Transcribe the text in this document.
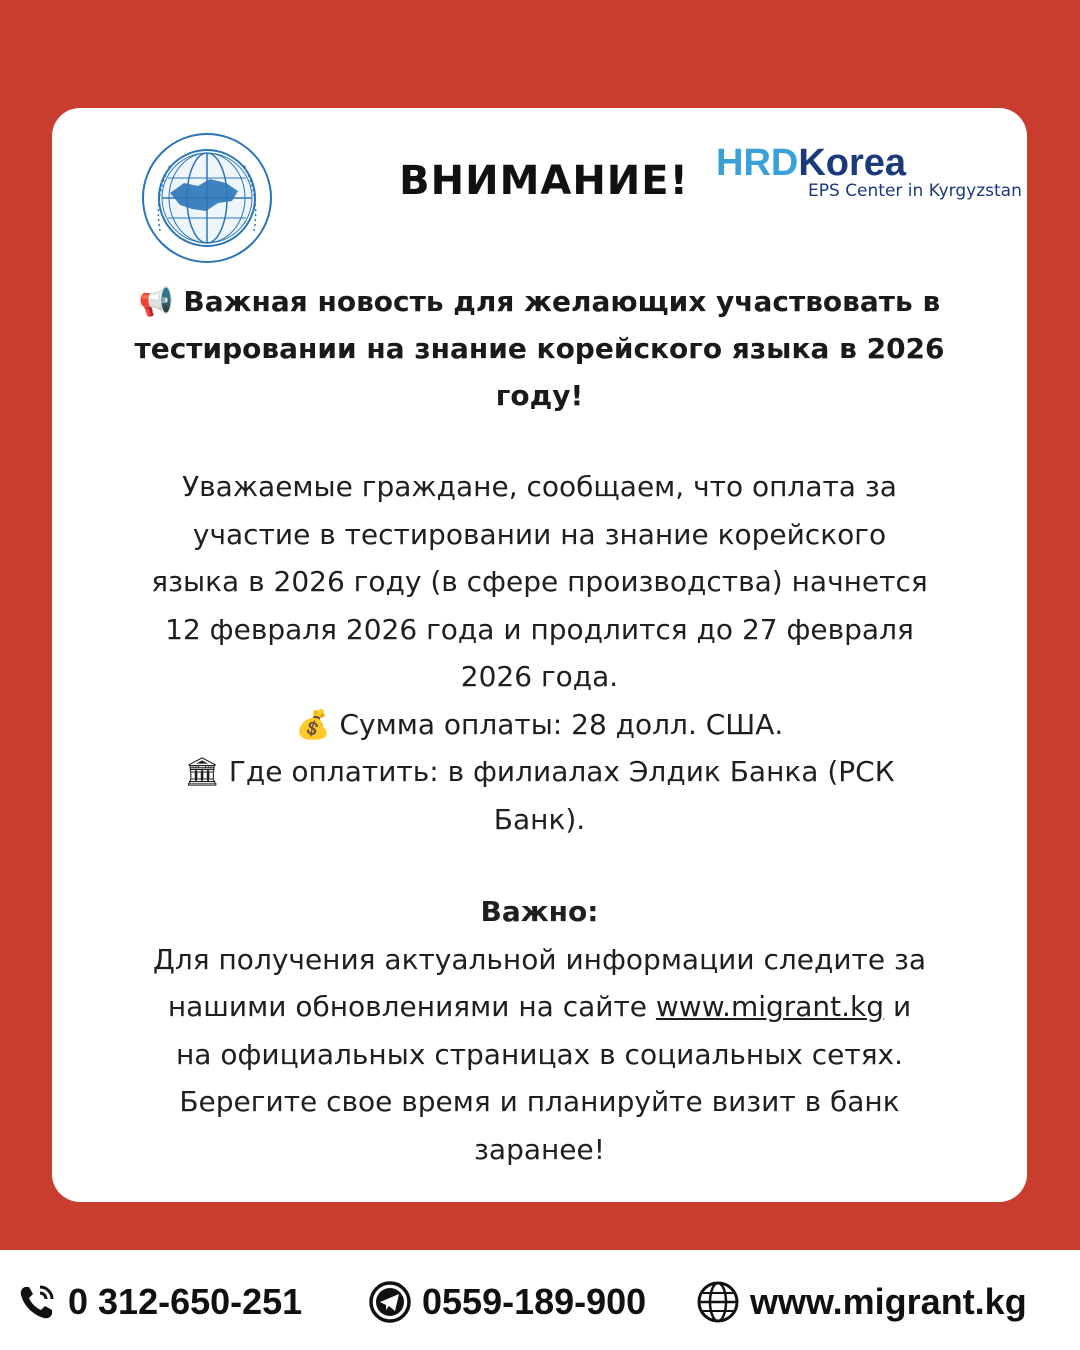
ВНИМАНИЕ! HRDKorea
EPS Center in Kyrgyzstan
📢 Важная новость для желающих участвовать в
тестировании на знание корейского языка в 2026
году!
Уважаемые граждане, сообщаем, что оплата за
участие в тестировании на знание корейского
языка в 2026 году (в сфере производства) начнется
12 февраля 2026 года и продлится до 27 февраля
2026 года.
💰 Сумма оплаты: 28 долл. США.
🏛 Где оплатить: в филиалах Элдик Банка (РСК
Банк).
Важно:
Для получения актуальной информации следите за
нашими обновлениями на сайте www.migrant.kg и
на официальных страницах в социальных сетях.
Берегите свое время и планируйте визит в банк
заранее!
0 312-650-251	0559-189-900	www.migrant.kg
